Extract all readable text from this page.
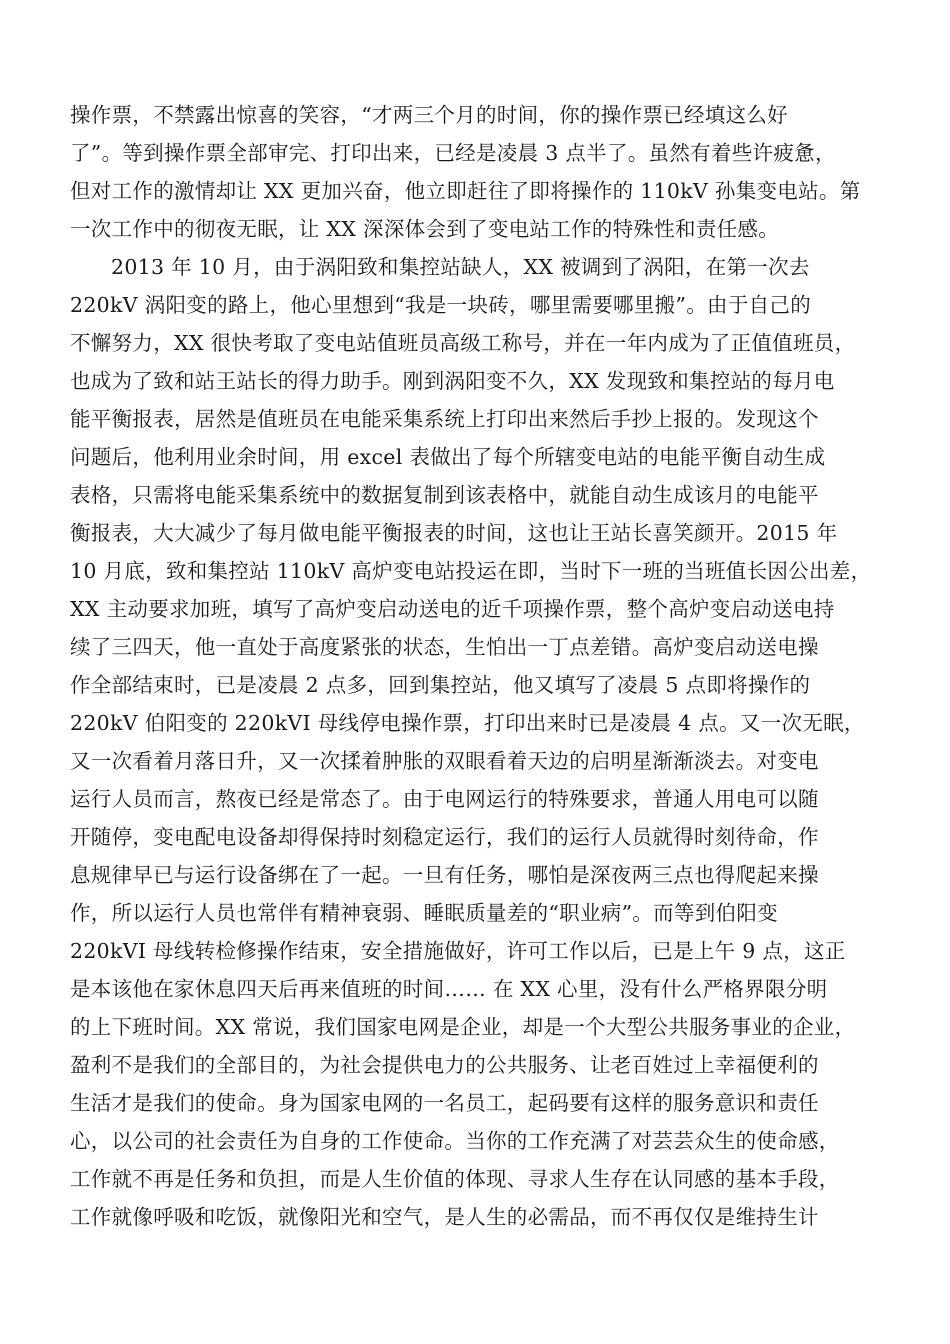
操作票，不禁露出惊喜的笑容，“才两三个月的时间，你的操作票已经填这么好
了”。等到操作票全部审完、打印出来，已经是凌晨 3 点半了。虽然有着些许疲惫，
但对工作的激情却让 XX 更加兴奋，他立即赶往了即将操作的 110kV 孙集变电站。第
一次工作中的彻夜无眠，让 XX 深深体会到了变电站工作的特殊性和责任感。
2013 年 10 月，由于涡阳致和集控站缺人，XX 被调到了涡阳，在第一次去
220kV 涡阳变的路上，他心里想到“我是一块砖，哪里需要哪里搬”。由于自己的
不懈努力，XX 很快考取了变电站值班员高级工称号，并在一年内成为了正值值班员，
也成为了致和站王站长的得力助手。刚到涡阳变不久，XX 发现致和集控站的每月电
能平衡报表，居然是值班员在电能采集系统上打印出来然后手抄上报的。发现这个
问题后，他利用业余时间，用 excel 表做出了每个所辖变电站的电能平衡自动生成
表格，只需将电能采集系统中的数据复制到该表格中，就能自动生成该月的电能平
衡报表，大大减少了每月做电能平衡报表的时间，这也让王站长喜笑颜开。2015 年
10 月底，致和集控站 110kV 高炉变电站投运在即，当时下一班的当班值长因公出差，
XX 主动要求加班，填写了高炉变启动送电的近千项操作票，整个高炉变启动送电持
续了三四天，他一直处于高度紧张的状态，生怕出一丁点差错。高炉变启动送电操
作全部结束时，已是凌晨 2 点多，回到集控站，他又填写了凌晨 5 点即将操作的
220kV 伯阳变的 220kVI 母线停电操作票，打印出来时已是凌晨 4 点。又一次无眠，
又一次看着月落日升，又一次揉着肿胀的双眼看着天边的启明星渐渐淡去。对变电
运行人员而言，熬夜已经是常态了。由于电网运行的特殊要求，普通人用电可以随
开随停，变电配电设备却得保持时刻稳定运行，我们的运行人员就得时刻待命，作
息规律早已与运行设备绑在了一起。一旦有任务，哪怕是深夜两三点也得爬起来操
作，所以运行人员也常伴有精神衰弱、睡眠质量差的“职业病”。而等到伯阳变
220kVI 母线转检修操作结束，安全措施做好，许可工作以后，已是上午 9 点，这正
是本该他在家休息四天后再来值班的时间…… 在 XX 心里，没有什么严格界限分明
的上下班时间。XX 常说，我们国家电网是企业，却是一个大型公共服务事业的企业，
盈利不是我们的全部目的，为社会提供电力的公共服务、让老百姓过上幸福便利的
生活才是我们的使命。身为国家电网的一名员工，起码要有这样的服务意识和责任
心，以公司的社会责任为自身的工作使命。当你的工作充满了对芸芸众生的使命感，
工作就不再是任务和负担，而是人生价值的体现、寻求人生存在认同感的基本手段，
工作就像呼吸和吃饭，就像阳光和空气，是人生的必需品，而不再仅仅是维持生计
